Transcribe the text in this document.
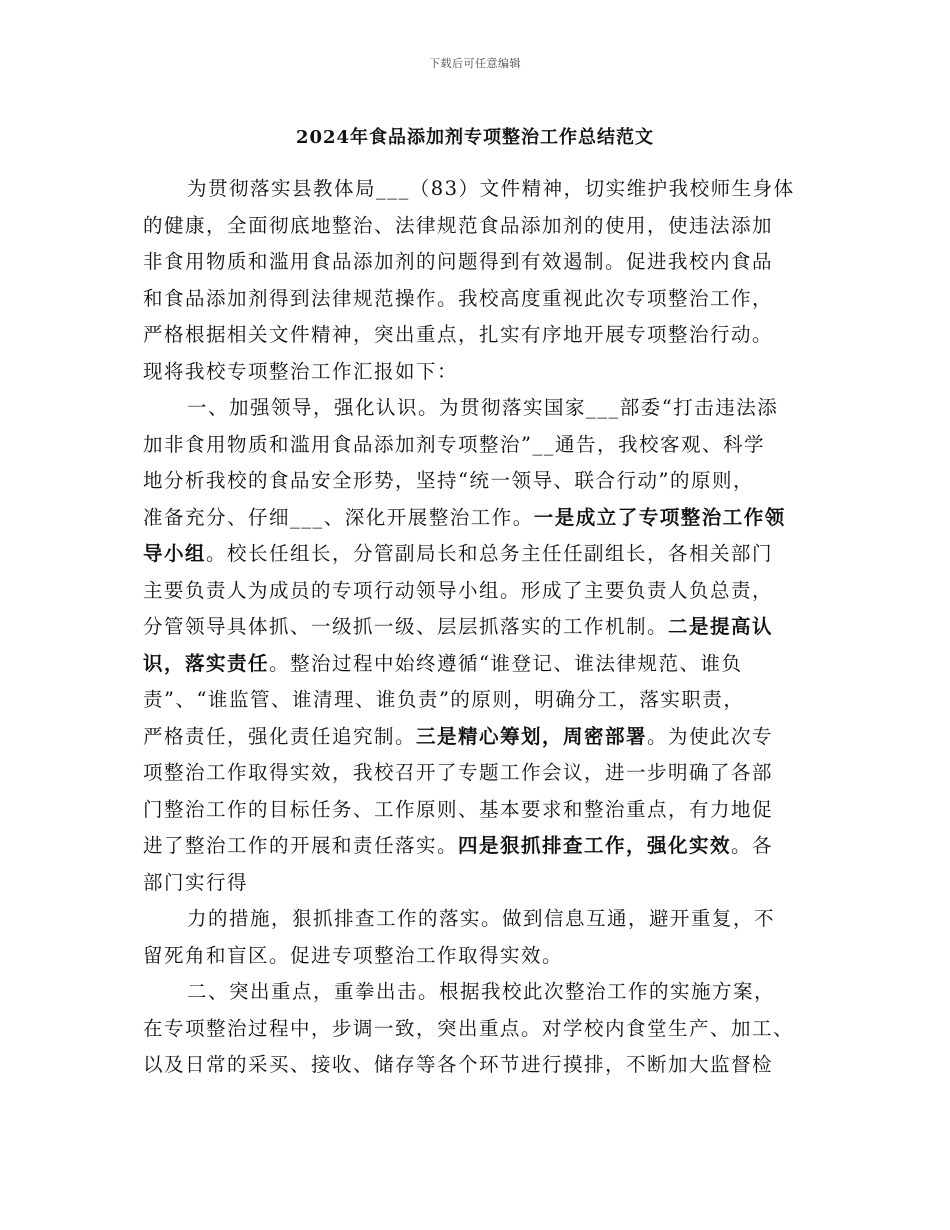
下载后可任意编辑
2024年食品添加剂专项整治工作总结范文
为贯彻落实县教体局___（83）文件精神，切实维护我校师生身体
的健康，全面彻底地整治、法律规范食品添加剂的使用，使违法添加
非食用物质和滥用食品添加剂的问题得到有效遏制。促进我校内食品
和食品添加剂得到法律规范操作。我校高度重视此次专项整治工作，
严格根据相关文件精神，突出重点，扎实有序地开展专项整治行动。
现将我校专项整治工作汇报如下：
一、加强领导，强化认识。为贯彻落实国家___部委“打击违法添
加非食用物质和滥用食品添加剂专项整治”__通告，我校客观、科学
地分析我校的食品安全形势，坚持“统一领导、联合行动”的原则，
准备充分、仔细___、深化开展整治工作。一是成立了专项整治工作领
导小组。校长任组长，分管副局长和总务主任任副组长，各相关部门
主要负责人为成员的专项行动领导小组。形成了主要负责人负总责，
分管领导具体抓、一级抓一级、层层抓落实的工作机制。二是提高认
识，落实责任。整治过程中始终遵循“谁登记、谁法律规范、谁负
责”、“谁监管、谁清理、谁负责”的原则，明确分工，落实职责，
严格责任，强化责任追究制。三是精心筹划，周密部署。为使此次专
项整治工作取得实效，我校召开了专题工作会议，进一步明确了各部
门整治工作的目标任务、工作原则、基本要求和整治重点，有力地促
进了整治工作的开展和责任落实。四是狠抓排查工作，强化实效。各
部门实行得
力的措施，狠抓排查工作的落实。做到信息互通，避开重复，不
留死角和盲区。促进专项整治工作取得实效。
二、突出重点，重拳出击。根据我校此次整治工作的实施方案，
在专项整治过程中，步调一致，突出重点。对学校内食堂生产、加工、
以及日常的采买、接收、储存等各个环节进行摸排，不断加大监督检
